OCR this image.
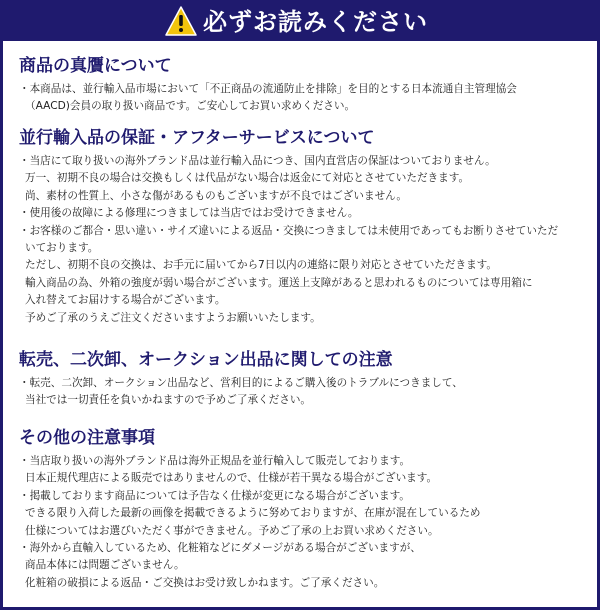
必ずお読みください
商品の真贋について
・本商品は、並行輸入品市場において「不正商品の流通防止を排除」を目的とする日本流通自主管理協会
（AACD)会員の取り扱い商品です。ご安心してお買い求めください。
並行輸入品の保証・アフターサービスについて
・当店にて取り扱いの海外ブランド品は並行輸入品につき、国内直営店の保証はついておりません。
万一、初期不良の場合は交換もしくは代品がない場合は返金にて対応とさせていただきます。
尚、素材の性質上、小さな傷があるものもございますが不良ではございません。
・使用後の故障による修理につきましては当店ではお受けできません。
・お客様のご都合・思い違い・サイズ違いによる返品・交換につきましては未使用であってもお断りさせていただ
いております。
ただし、初期不良の交換は、お手元に届いてから7日以内の連絡に限り対応とさせていただきます。
輸入商品の為、外箱の強度が弱い場合がございます。運送上支障があると思われるものについては専用箱に
入れ替えてお届けする場合がございます。
予めご了承のうえご注文くださいますようお願いいたします。
転売、二次卸、オークション出品に関しての注意
・転売、二次卸、オークション出品など、営利目的によるご購入後のトラブルにつきまして、
当社では一切責任を負いかねますので予めご了承ください。
その他の注意事項
・当店取り扱いの海外ブランド品は海外正規品を並行輸入して販売しております。
日本正規代理店による販売ではありませんので、仕様が若干異なる場合がございます。
・掲載しております商品については予告なく仕様が変更になる場合がございます。
できる限り入荷した最新の画像を掲載できるように努めておりますが、在庫が混在しているため
仕様についてはお選びいただく事ができません。予めご了承の上お買い求めください。
・海外から直輸入しているため、化粧箱などにダメージがある場合がございますが、
商品本体には問題ございません。
化粧箱の破損による返品・ご交換はお受け致しかねます。ご了承ください。
